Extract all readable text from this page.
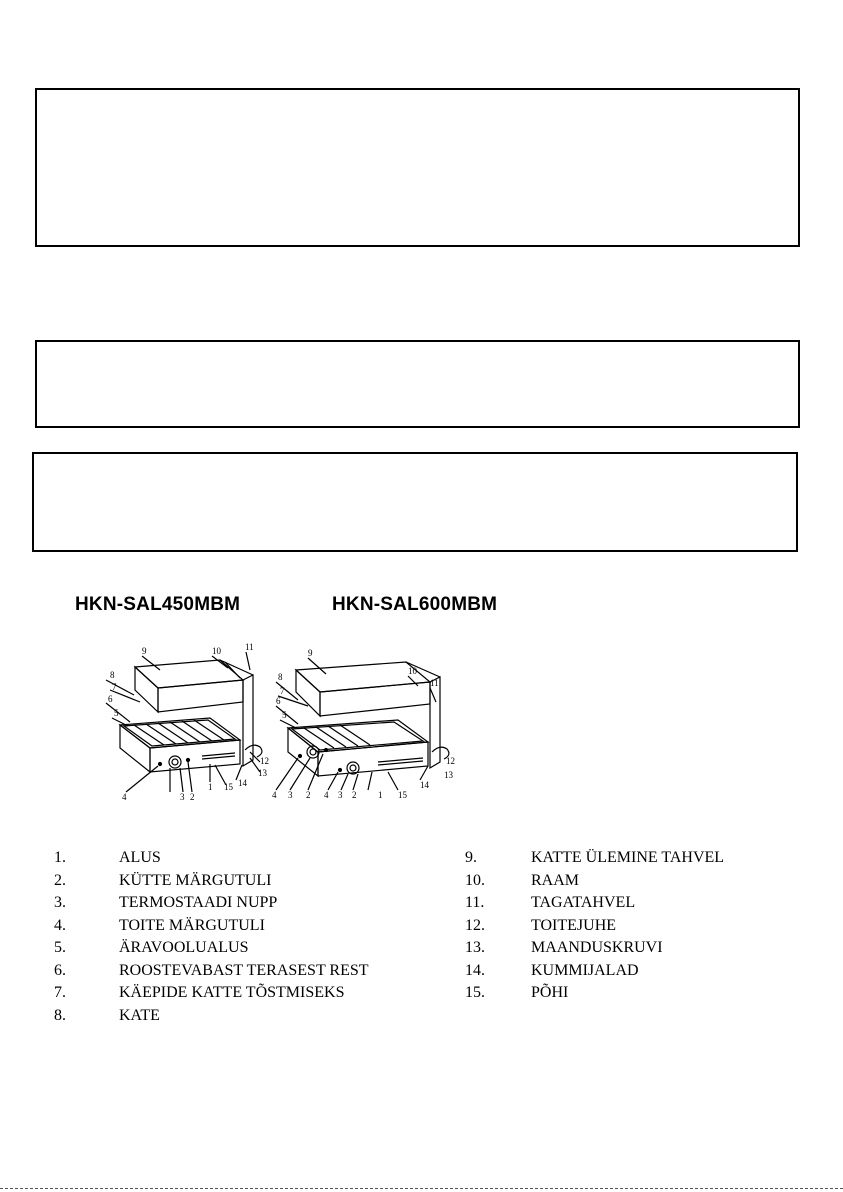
HKN-SAL450MBM	HKN-SAL600MBM
9	10	11
8
7
6
5
12
13
14
15
1
2
3
4
9
10
11
8
7
6
5
12
13
14
15
1
2
3
4
2
3
4
1.	ALUS
2.	KÜTTE MÄRGUTULI
3.	TERMOSTAADI NUPP
4.	TOITE MÄRGUTULI
5.	ÄRAVOOLUALUS
6.	ROOSTEVABAST TERASEST REST
7.	KÄEPIDE KATTE TÕSTMISEKS
8.	KATE
9.	KATTE ÜLEMINE TAHVEL
10.	RAAM
11.	TAGATAHVEL
12.	TOITEJUHE
13.	MAANDUSKRUVI
14.	KUMMIJALAD
15.	PÕHI
